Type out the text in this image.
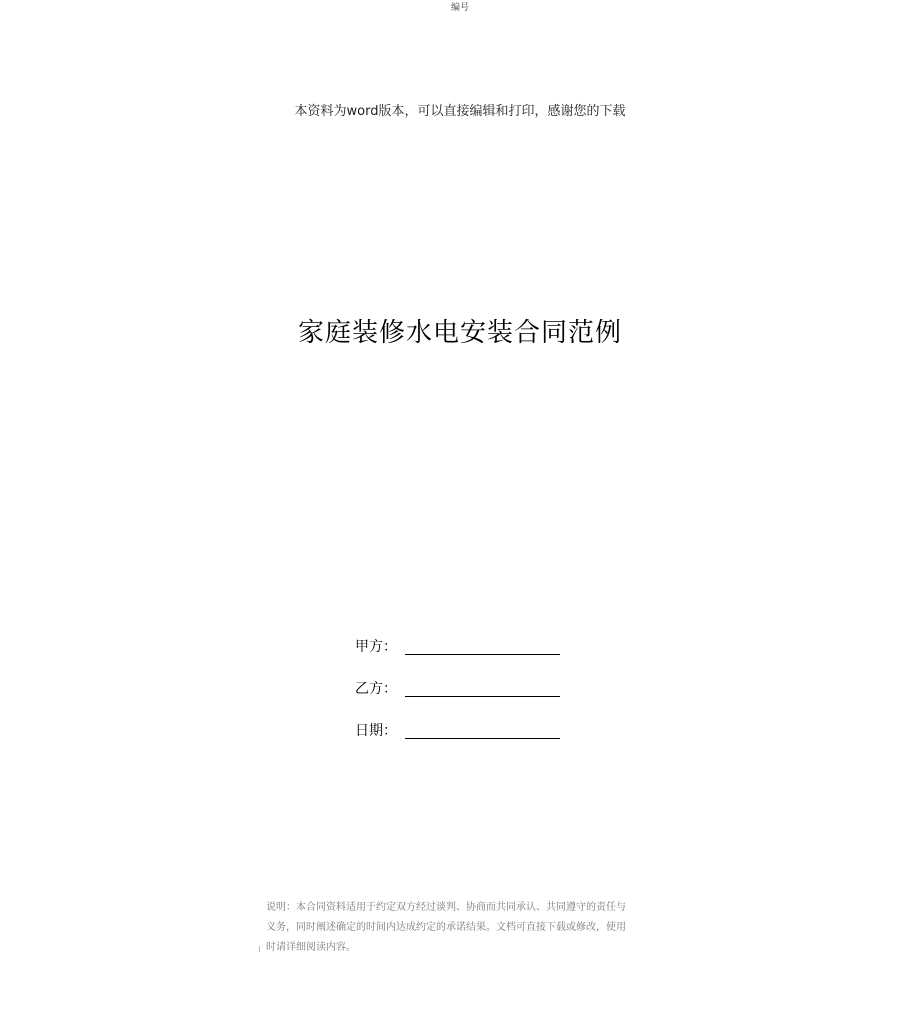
编号
本资料为word版本，可以直接编辑和打印，感谢您的下载
家庭装修水电安装合同范例
甲方：
乙方：
日期：

说明：本合同资料适用于约定双方经过谈判、协商而共同承认、共同遵守的责任与

义务，同时阐述确定的时间内达成约定的承诺结果。文档可直接下载或修改，使用

时请详细阅读内容。
